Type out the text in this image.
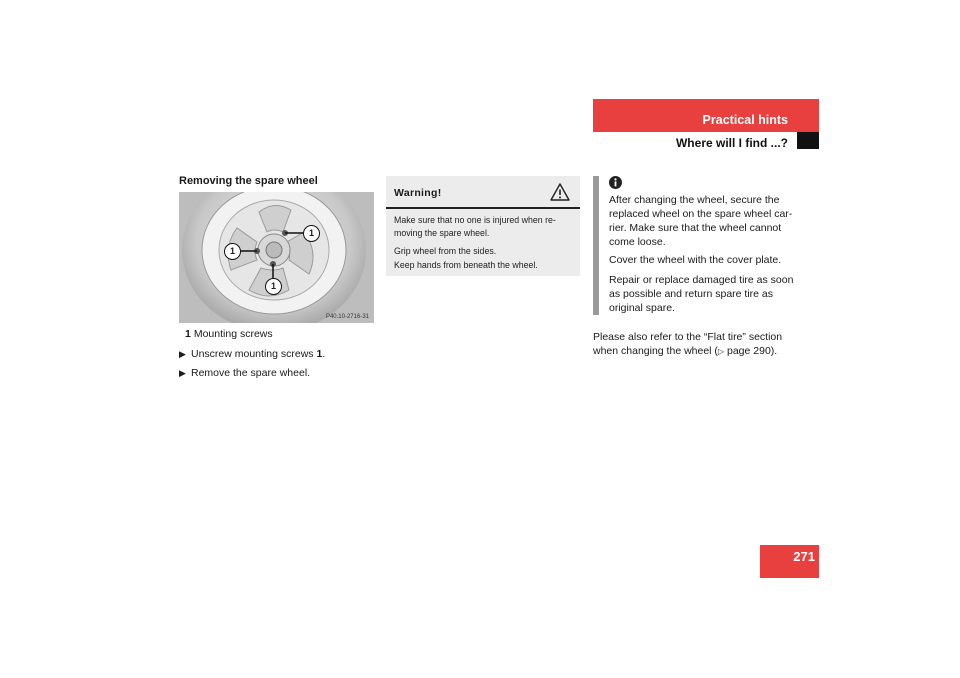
Practical hints
Where will I find ...?
Removing the spare wheel
1
1
1
P40.10-2716-31
1 Mounting screws
▶ Unscrew mounting screws 1.
▶ Remove the spare wheel.
Warning!
Make sure that no one is injured when re-
moving the spare wheel.
Grip wheel from the sides.
Keep hands from beneath the wheel.
After changing the wheel, secure the
replaced wheel on the spare wheel car-
rier. Make sure that the wheel cannot
come loose.
Cover the wheel with the cover plate.
Repair or replace damaged tire as soon
as possible and return spare tire as
original spare.
Please also refer to the “Flat tire” section
when changing the wheel (▷ page 290).
271
